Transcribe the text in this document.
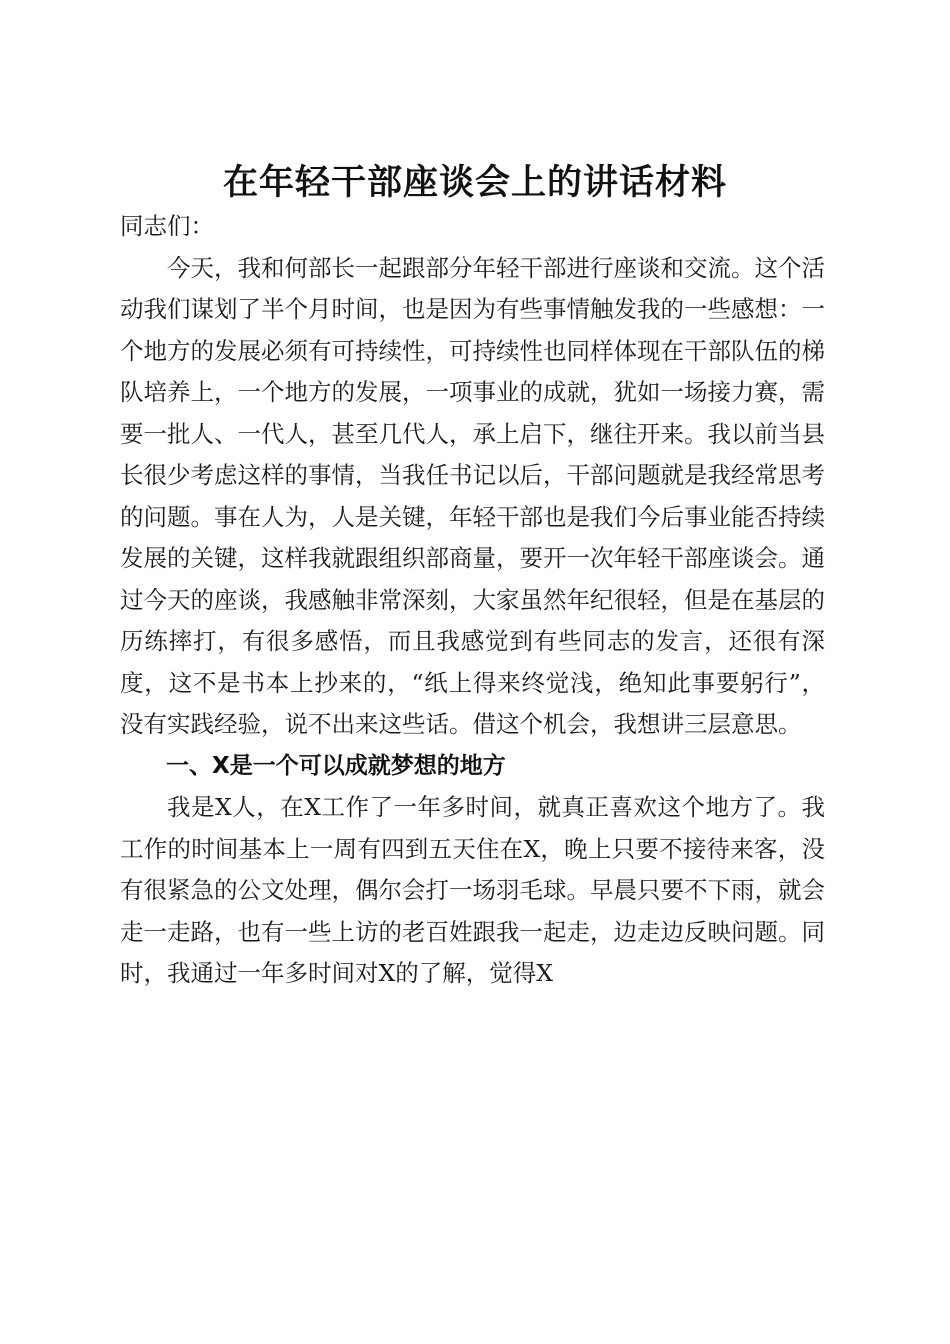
在年轻干部座谈会上的讲话材料

同志们：

今天，我和何部长一起跟部分年轻干部进行座谈和交流。这个活动我们谋划了半个月时间，也是因为有些事情触发我的一些感想：一个地方的发展必须有可持续性，可持续性也同样体现在干部队伍的梯队培养上，一个地方的发展，一项事业的成就，犹如一场接力赛，需要一批人、一代人，甚至几代人，承上启下，继往开来。我以前当县长很少考虑这样的事情，当我任书记以后，干部问题就是我经常思考的问题。事在人为，人是关键，年轻干部也是我们今后事业能否持续发展的关键，这样我就跟组织部商量，要开一次年轻干部座谈会。通过今天的座谈，我感触非常深刻，大家虽然年纪很轻，但是在基层的历练摔打，有很多感悟，而且我感觉到有些同志的发言，还很有深度，这不是书本上抄来的，“纸上得来终觉浅，绝知此事要躬行”，没有实践经验，说不出来这些话。借这个机会，我想讲三层意思。

一、X是一个可以成就梦想的地方

我是X人，在X工作了一年多时间，就真正喜欢这个地方了。我工作的时间基本上一周有四到五天住在X，晚上只要不接待来客，没有很紧急的公文处理，偶尔会打一场羽毛球。早晨只要不下雨，就会走一走路，也有一些上访的老百姓跟我一起走，边走边反映问题。同时，我通过一年多时间对X的了解，觉得X
